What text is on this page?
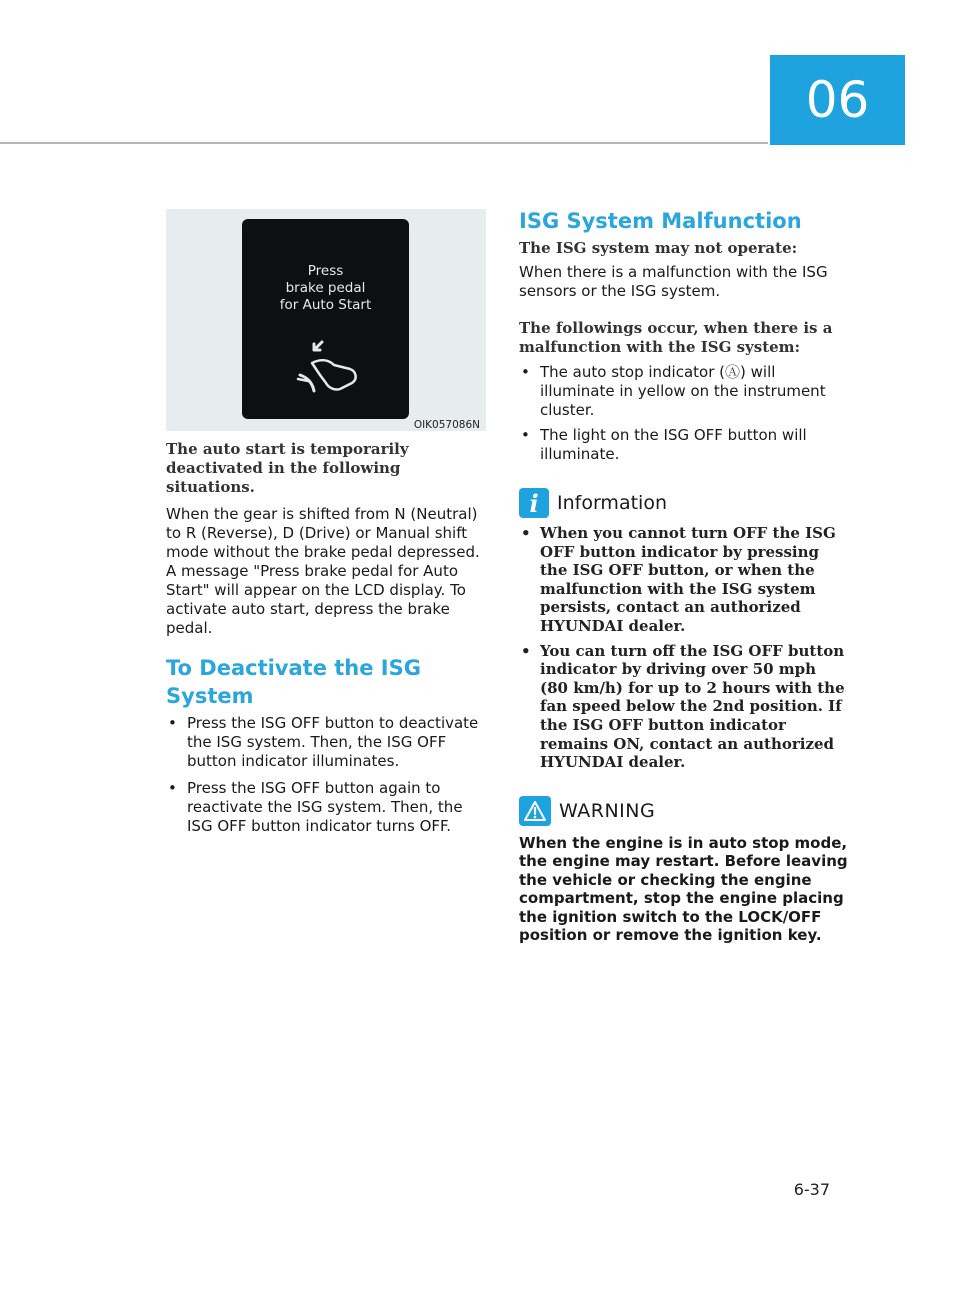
06
Press
brake pedal
for Auto Start
OIK057086N
The auto start is temporarily deactivated in the following situations.
When the gear is shifted from N (Neutral) to R (Reverse), D (Drive) or Manual shift mode without the brake pedal depressed. A message "Press brake pedal for Auto Start" will appear on the LCD display. To activate auto start, depress the brake pedal.
To Deactivate the ISG System
• Press the ISG OFF button to deactivate the ISG system. Then, the ISG OFF button indicator illuminates.
• Press the ISG OFF button again to reactivate the ISG system. Then, the ISG OFF button indicator turns OFF.
ISG System Malfunction
The ISG system may not operate:
When there is a malfunction with the ISG sensors or the ISG system.
The followings occur, when there is a malfunction with the ISG system:
• The auto stop indicator (Ⓐ) will illuminate in yellow on the instrument cluster.
• The light on the ISG OFF button will illuminate.
i Information
• When you cannot turn OFF the ISG OFF button indicator by pressing the ISG OFF button, or when the malfunction with the ISG system persists, contact an authorized HYUNDAI dealer.
• You can turn off the ISG OFF button indicator by driving over 50 mph (80 km/h) for up to 2 hours with the fan speed below the 2nd position. If the ISG OFF button indicator remains ON, contact an authorized HYUNDAI dealer.
WARNING
When the engine is in auto stop mode, the engine may restart. Before leaving the vehicle or checking the engine compartment, stop the engine placing the ignition switch to the LOCK/OFF position or remove the ignition key.
6-37
